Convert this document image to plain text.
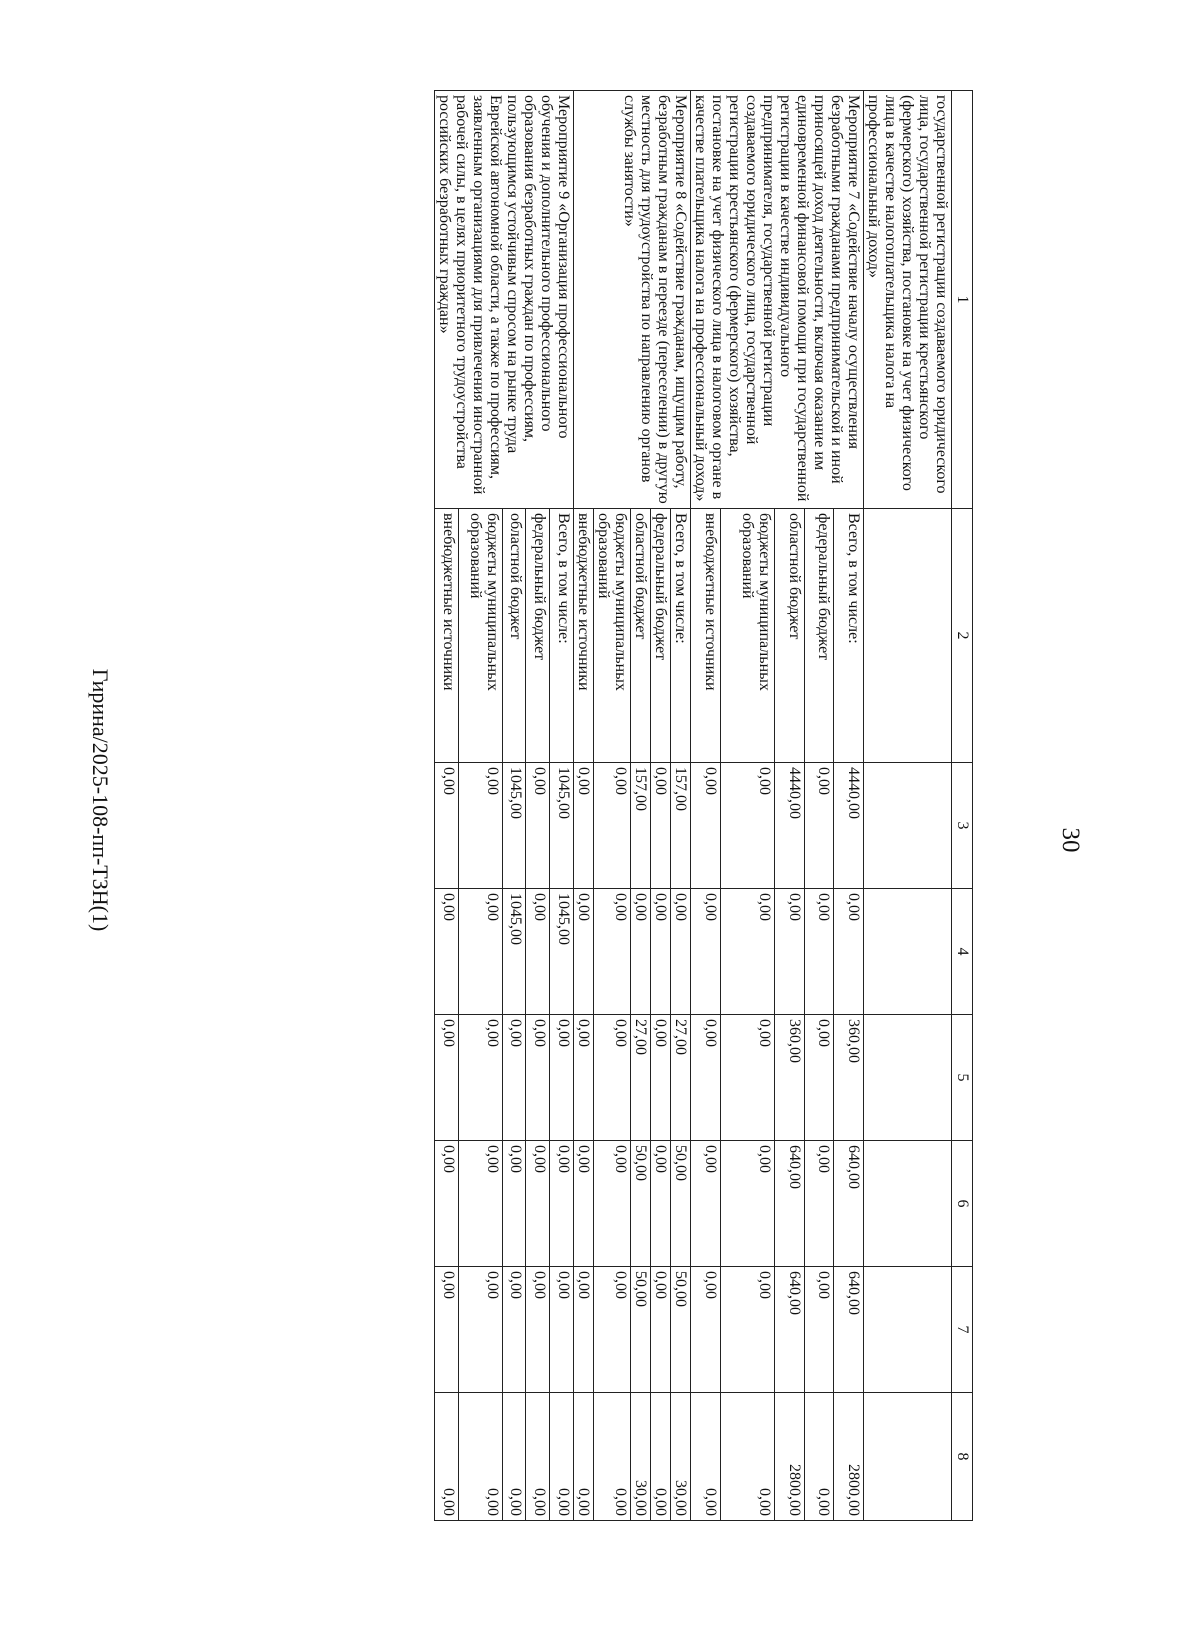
30
Гирина/2025-108-пп-ТЗН(1)
1	2	3	4	5	6	7	8
государственной регистрации создаваемого юридического лица, государственной регистрации крестьянского (фермерского) хозяйства, постановке на учет физического лица в качестве налогоплательщика налога на профессиональный доход»							
Мероприятие 7 «Содействие началу осуществления безработными гражданами предпринимательской и иной приносящей доход деятельности, включая оказание им единовременной финансовой помощи при государственной регистрации в качестве индивидуального предпринимателя, государственной регистрации создаваемого юридического лица, государственной регистрации крестьянского (фермерского) хозяйства, постановке на учет физического лица в налоговом органе в качестве плательщика налога на профессиональный доход»	Всего, в том числе:	4440,00	0,00	360,00	640,00	640,00	2800,00
	федеральный бюджет	0,00	0,00	0,00	0,00	0,00	0,00
	областной бюджет	4440,00	0,00	360,00	640,00	640,00	2800,00
	бюджеты муниципальных образований	0,00	0,00	0,00	0,00	0,00	0,00
	внебюджетные источники	0,00	0,00	0,00	0,00	0,00	0,00
Мероприятие 8 «Содействие гражданам, ищущим работу, безработным гражданам в переезде (переселении) в другую местность для трудоустройства по направлению органов службы занятости»	Всего, в том числе:	157,00	0,00	27,00	50,00	50,00	30,00
	федеральный бюджет	0,00	0,00	0,00	0,00	0,00	0,00
	областной бюджет	157,00	0,00	27,00	50,00	50,00	30,00
	бюджеты муниципальных образований	0,00	0,00	0,00	0,00	0,00	0,00
	внебюджетные источники	0,00	0,00	0,00	0,00	0,00	0,00
Мероприятие 9 «Организация профессионального обучения и дополнительного профессионального образования безработных граждан по профессиям, пользующимся устойчивым спросом на рынке труда Еврейской автономной области, а также по профессиям, заявленным организациями для привлечения иностранной рабочей силы, в целях приоритетного трудоустройства российских безработных граждан»	Всего, в том числе:	1045,00	1045,00	0,00	0,00	0,00	0,00
	федеральный бюджет	0,00	0,00	0,00	0,00	0,00	0,00
	областной бюджет	1045,00	1045,00	0,00	0,00	0,00	0,00
	бюджеты муниципальных образований	0,00	0,00	0,00	0,00	0,00	0,00
	внебюджетные источники	0,00	0,00	0,00	0,00	0,00	0,00
